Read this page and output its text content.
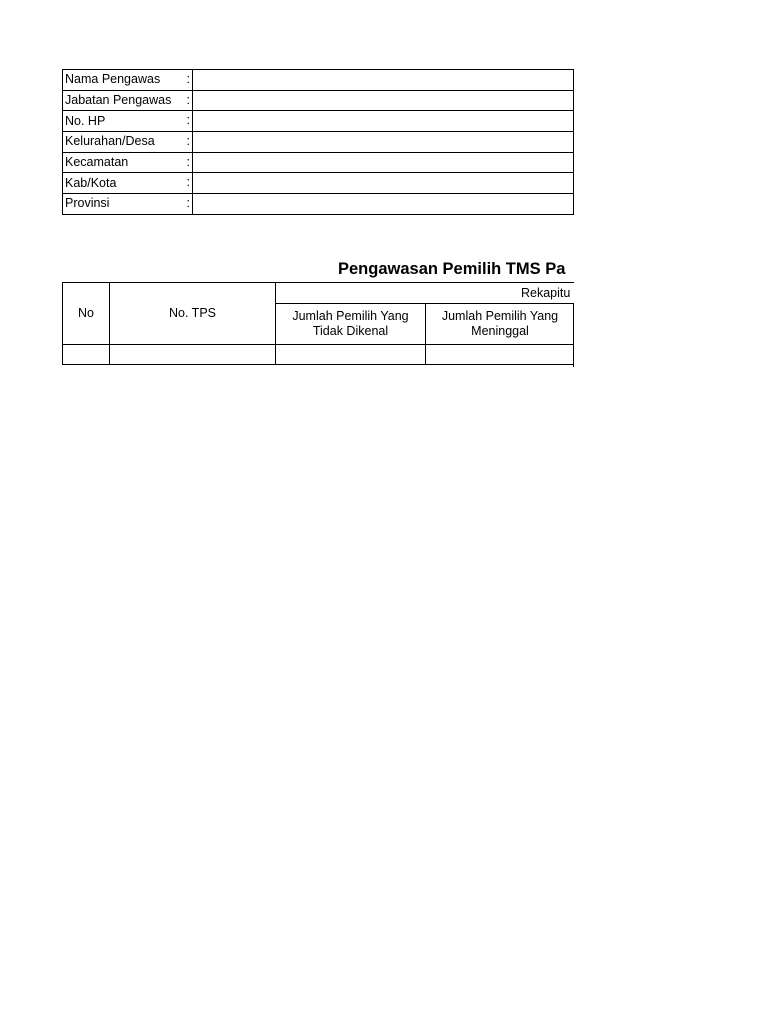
Nama Pengawas :	

Jabatan Pengawas :	

No. HP :	

Kelurahan/Desa :	

Kecamatan :	

Kab/Kota :	

Provinsi :	

Pengawasan Pemilih TMS Pa
No	No. TPS	Rekapitu		
		Jumlah Pemilih Yang Tidak Dikenal	Jumlah Pemilih Yang Meninggal	
